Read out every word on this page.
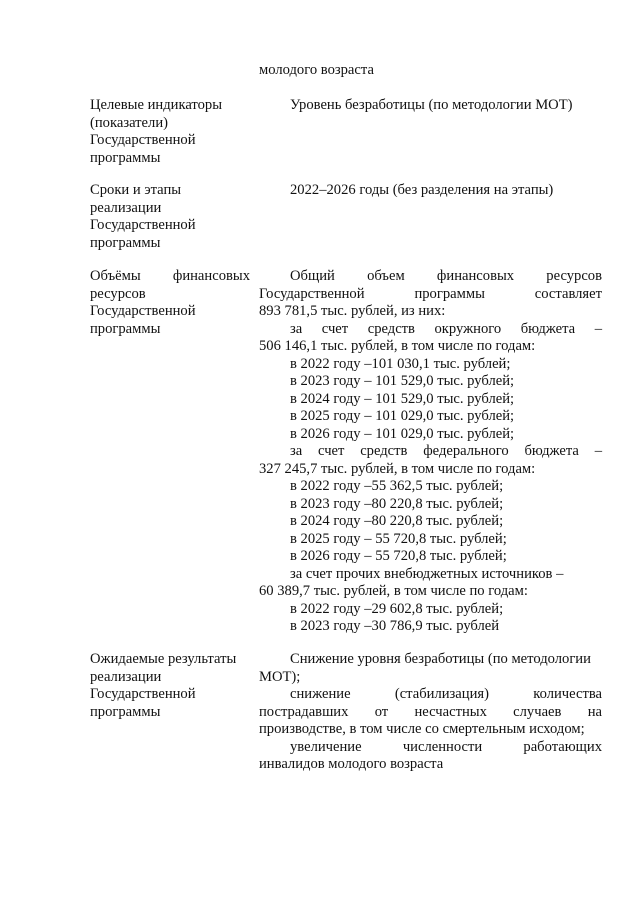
молодого возраста
Целевые индикаторы
(показатели)
Государственной
программы
Уровень безработицы (по методологии МОТ)
Сроки и этапы
реализации
Государственной
программы
2022–2026 годы (без разделения на этапы)
Объёмы финансовых
ресурсов
Государственной
программы
Общий объем финансовых ресурсов
Государственной программы составляет
893 781,5 тыс. рублей, из них:
за счет средств окружного бюджета –
506 146,1 тыс. рублей, в том числе по годам:
в 2022 году –101 030,1 тыс. рублей;
в 2023 году – 101 529,0 тыс. рублей;
в 2024 году – 101 529,0 тыс. рублей;
в 2025 году – 101 029,0 тыс. рублей;
в 2026 году – 101 029,0 тыс. рублей;
за счет средств федерального бюджета –
327 245,7 тыс. рублей, в том числе по годам:
в 2022 году –55 362,5 тыс. рублей;
в 2023 году –80 220,8 тыс. рублей;
в 2024 году –80 220,8 тыс. рублей;
в 2025 году – 55 720,8 тыс. рублей;
в 2026 году – 55 720,8 тыс. рублей;
за счет прочих внебюджетных источников –
60 389,7 тыс. рублей, в том числе по годам:
в 2022 году –29 602,8 тыс. рублей;
в 2023 году –30 786,9 тыс. рублей
Ожидаемые результаты
реализации
Государственной
программы
Снижение уровня безработицы (по методологии
МОТ);
снижение (стабилизация) количества
пострадавших от несчастных случаев на
производстве, в том числе со смертельным исходом;
увеличение численности работающих
инвалидов молодого возраста
